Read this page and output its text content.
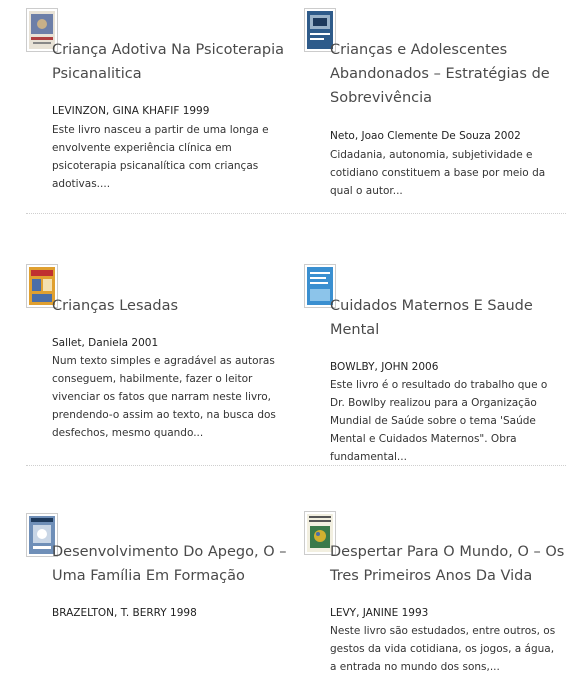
Criança Adotiva Na Psicoterapia Psicanalitica
LEVINZON, GINA KHAFIF 1999
Este livro nasceu a partir de uma longa e envolvente experiência clínica em psicoterapia psicanalítica com crianças adotivas....
Crianças e Adolescentes Abandonados – Estratégias de Sobrevivência
Neto, Joao Clemente De Souza 2002
Cidadania, autonomia, subjetividade e cotidiano constituem a base por meio da qual o autor...
Crianças Lesadas
Sallet, Daniela 2001
Num texto simples e agradável as autoras conseguem, habilmente, fazer o leitor vivenciar os fatos que narram neste livro, prendendo-o assim ao texto, na busca dos desfechos, mesmo quando...
Cuidados Maternos E Saude Mental
BOWLBY, JOHN 2006
Este livro é o resultado do trabalho que o Dr. Bowlby realizou para a Organização Mundial de Saúde sobre o tema 'Saúde Mental e Cuidados Maternos". Obra fundamental...
Desenvolvimento Do Apego, O – Uma Família Em Formação
BRAZELTON, T. BERRY 1998
Despertar Para O Mundo, O – Os Tres Primeiros Anos Da Vida
LEVY, JANINE 1993
Neste livro são estudados, entre outros, os gestos da vida cotidiana, os jogos, a água, a entrada no mundo dos sons,...
